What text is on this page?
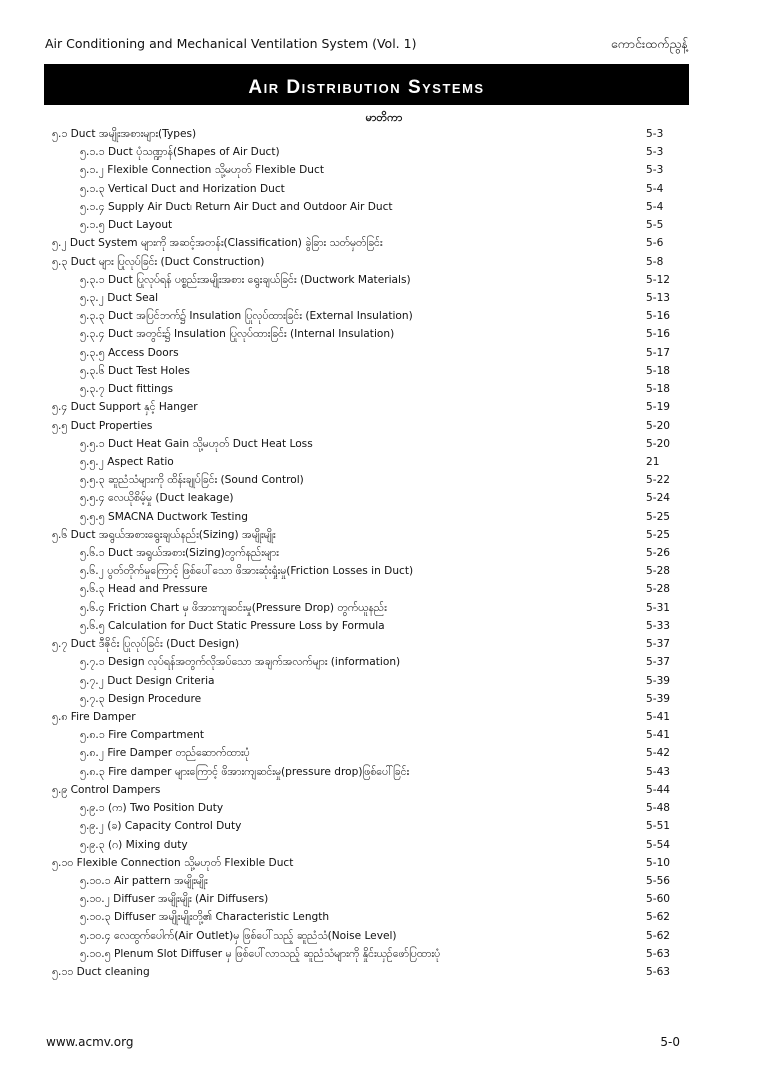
Air Conditioning and Mechanical Ventilation System (Vol. 1)	ကောင်းထက်ညွန့်
Air Distribution Systems
မာတိကာ
၅.၁ Duct အမျိုးအစားများ(Types)	5-3
၅.၁.၁ Duct ပုံသဏ္ဍာန်(Shapes of Air Duct)	5-3
၅.၁.၂ Flexible Connection သို့မဟုတ် Flexible Duct	5-3
၅.၁.၃ Vertical Duct and Horization Duct	5-4
၅.၁.၄ Supply Air Duct၊ Return Air Duct and Outdoor Air Duct	5-4
၅.၁.၅ Duct Layout	5-5
၅.၂ Duct System များကို အဆင့်အတန်း(Classification) ခွဲခြား သတ်မှတ်ခြင်း	5-6
၅.၃ Duct များ ပြုလုပ်ခြင်း (Duct Construction)	5-8
၅.၃.၁ Duct ပြုလုပ်ရန် ပစ္စည်းအမျိုးအစား ရွေးချယ်ခြင်း (Ductwork Materials)	5-12
၅.၃.၂ Duct Seal	5-13
၅.၃.၃ Duct အပြင်ဘက်၌ Insulation ပြုလုပ်ထားခြင်း (External Insulation)	5-16
၅.၃.၄ Duct အတွင်း၌ Insulation ပြုလုပ်ထားခြင်း (Internal Insulation)	5-16
၅.၃.၅ Access Doors	5-17
၅.၃.၆ Duct Test Holes	5-18
၅.၃.၇ Duct fittings	5-18
၅.၄ Duct Support နှင့် Hanger	5-19
၅.၅ Duct Properties	5-20
၅.၅.၁ Duct Heat Gain သို့မဟုတ် Duct Heat Loss	5-20
၅.၅.၂ Aspect Ratio	21
၅.၅.၃ ဆူညံသံများကို ထိန်းချုပ်ခြင်း (Sound Control)	5-22
၅.၅.၄ လေယိုစိမ့်မှု (Duct leakage)	5-24
၅.၅.၅ SMACNA Ductwork Testing	5-25
၅.၆ Duct အရွယ်အစားရွေးချယ်နည်း(Sizing) အမျိုးမျိုး	5-25
၅.၆.၁ Duct အရွယ်အစား(Sizing)တွက်နည်းများ	5-26
၅.၆.၂ ပွတ်တိုက်မှုကြောင့် ဖြစ်ပေါ်သော ဖိအားဆုံးရှုံးမှု(Friction Losses in Duct)	5-28
၅.၆.၃ Head and Pressure	5-28
၅.၆.၄ Friction Chart မှ ဖိအားကျဆင်းမှု(Pressure Drop) တွက်ယူနည်း	5-31
၅.၆.၅ Calculation for Duct Static Pressure Loss by Formula	5-33
၅.၇ Duct ဒီဇိုင်း ပြုလုပ်ခြင်း (Duct Design)	5-37
၅.၇.၁ Design လုပ်ရန်အတွက်လိုအပ်သော အချက်အလက်များ (information)	5-37
၅.၇.၂ Duct Design Criteria	5-39
၅.၇.၃ Design Procedure	5-39
၅.၈ Fire Damper	5-41
၅.၈.၁ Fire Compartment	5-41
၅.၈.၂ Fire Damper တည်ဆောက်ထားပုံ	5-42
၅.၈.၃ Fire damper များကြောင့် ဖိအားကျဆင်းမှု(pressure drop)ဖြစ်ပေါ်ခြင်း	5-43
၅.၉ Control Dampers	5-44
၅.၉.၁ (က) Two Position Duty	5-48
၅.၉.၂ (ခ) Capacity Control Duty	5-51
၅.၉.၃ (ဂ) Mixing duty	5-54
၅.၁၀ Flexible Connection သို့မဟုတ် Flexible Duct	5-10
၅.၁၀.၁ Air pattern အမျိုးမျိုး	5-56
၅.၁၀.၂ Diffuser အမျိုးမျိုး (Air Diffusers)	5-60
၅.၁၀.၃ Diffuser အမျိုးမျိုးတို့၏ Characteristic Length	5-62
၅.၁၀.၄ လေထွက်ပေါက်(Air Outlet)မှ ဖြစ်ပေါ်သည့် ဆူညံသံ(Noise Level)	5-62
၅.၁၀.၅ Plenum Slot Diffuser မှ ဖြစ်ပေါ်လာသည့် ဆူညံသံများကို နှိုင်းယှဉ်ဖော်ပြထားပုံ	5-63
၅.၁၁ Duct cleaning	5-63
www.acmv.org	5-0
